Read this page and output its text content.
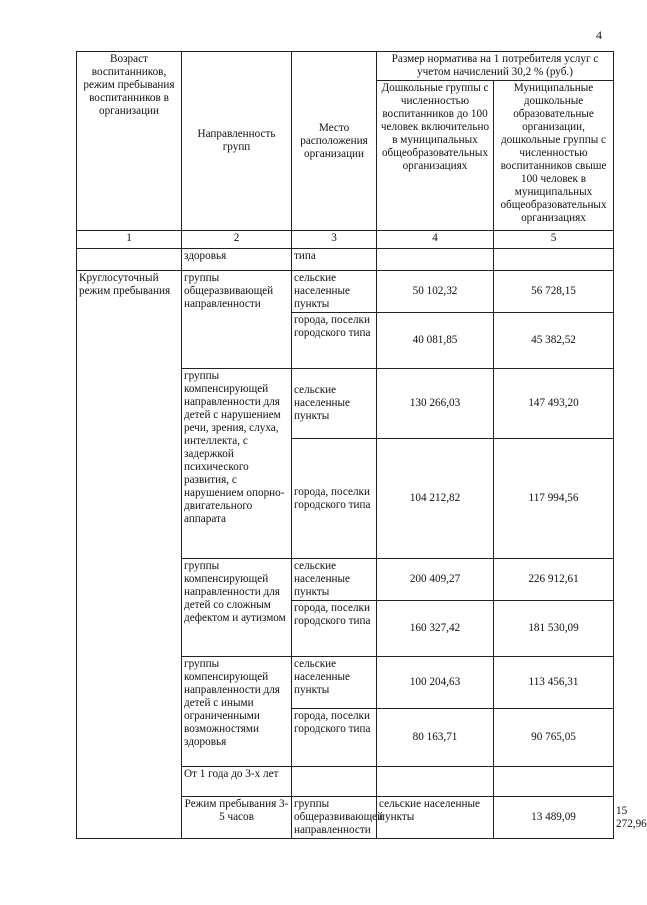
4
Возраст воспитанников, режим пребывания воспитанников в организации	Направленность групп	Место расположения организации	Размер норматива на 1 потребителя услуг с учетом начислений 30,2 % (руб.)		
			Дошкольные группы с численностью воспитанников до 100 человек включительно в муниципальных общеобразовательных организациях	Муниципальные дошкольные образовательные организации, дошкольные группы с численностью воспитанников свыше 100 человек в муниципальных общеобразовательных организациях	
1	2	3	4	5	
	здоровья	типа			
Круглосуточный режим пребывания	группы общеразвивающей направленности	сельские населенные пункты	50 102,32	56 728,15	
		города, поселки городского типа	40 081,85	45 382,52	
	группы компенсирующей направленности для детей с нарушением речи, зрения, слуха, интеллекта, с задержкой психического развития, с нарушением опорно-двигательного аппарата	сельские населенные пункты	130 266,03	147 493,20	
		города, поселки городского типа	104 212,82	117 994,56	
	группы компенсирующей направленности для детей со сложным дефектом и аутизмом	сельские населенные пункты	200 409,27	226 912,61	
		города, поселки городского типа	160 327,42	181 530,09	
	группы компенсирующей направленности для детей с иными ограниченными возможностями здоровья	сельские населенные пункты	100 204,63	113 456,31	
		города, поселки городского типа	80 163,71	90 765,05	
	От 1 года до 3-х лет				
	Режим пребывания 3-5 часов	группы общеразвивающей направленности	сельские населенные пункты	13 489,09	15 272,96
